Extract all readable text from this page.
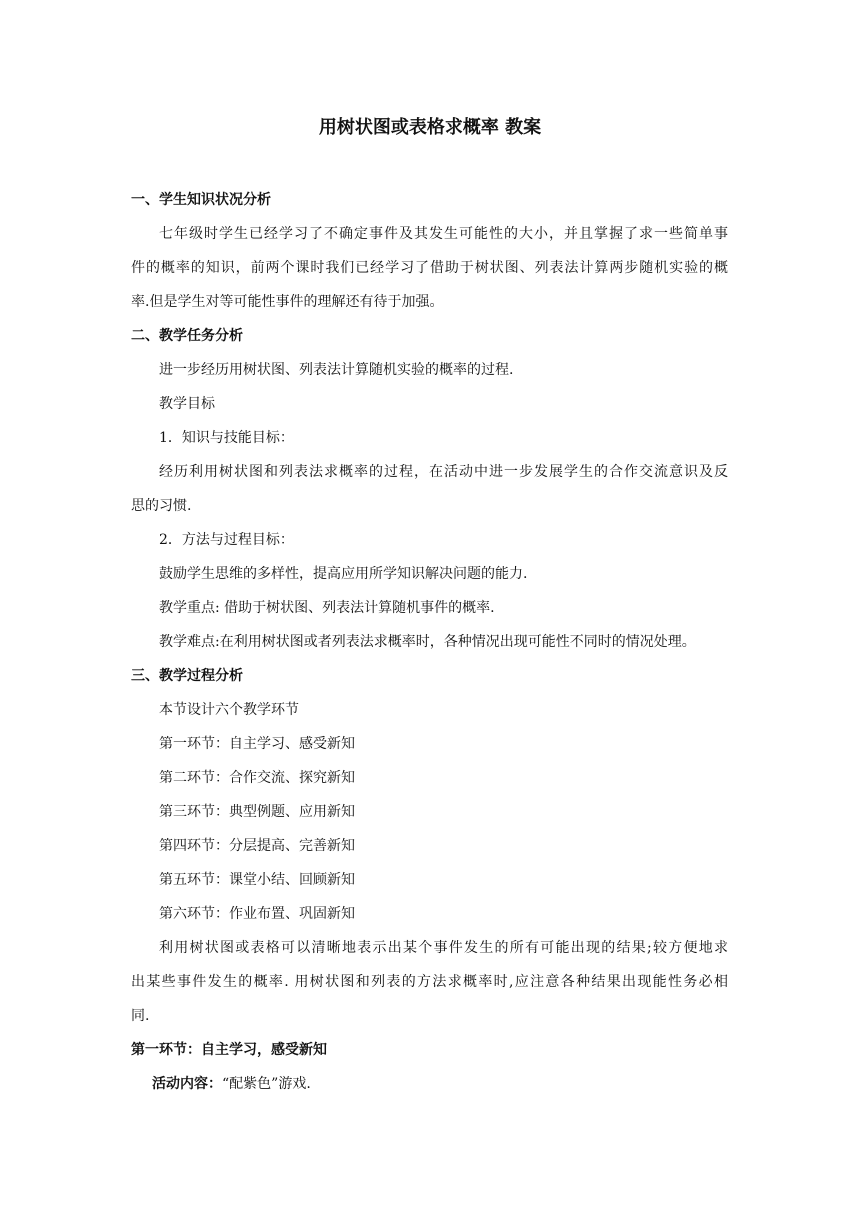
用树状图或表格求概率 教案
一、学生知识状况分析
七年级时学生已经学习了不确定事件及其发生可能性的大小，并且掌握了求一些简单事
件的概率的知识，前两个课时我们已经学习了借助于树状图、列表法计算两步随机实验的概
率.但是学生对等可能性事件的理解还有待于加强。
二、教学任务分析
进一步经历用树状图、列表法计算随机实验的概率的过程.
教学目标
1．知识与技能目标：
经历利用树状图和列表法求概率的过程，在活动中进一步发展学生的合作交流意识及反
思的习惯.
2．方法与过程目标：
鼓励学生思维的多样性，提高应用所学知识解决问题的能力.
教学重点: 借助于树状图、列表法计算随机事件的概率.
教学难点:在利用树状图或者列表法求概率时，各种情况出现可能性不同时的情况处理。
三、教学过程分析
本节设计六个教学环节
第一环节：自主学习、感受新知
第二环节：合作交流、探究新知
第三环节：典型例题、应用新知
第四环节：分层提高、完善新知
第五环节：课堂小结、回顾新知
第六环节：作业布置、巩固新知
利用树状图或表格可以清晰地表示出某个事件发生的所有可能出现的结果;较方便地求
出某些事件发生的概率. 用树状图和列表的方法求概率时,应注意各种结果出现能性务必相
同.
第一环节：自主学习，感受新知
活动内容：“配紫色”游戏.
